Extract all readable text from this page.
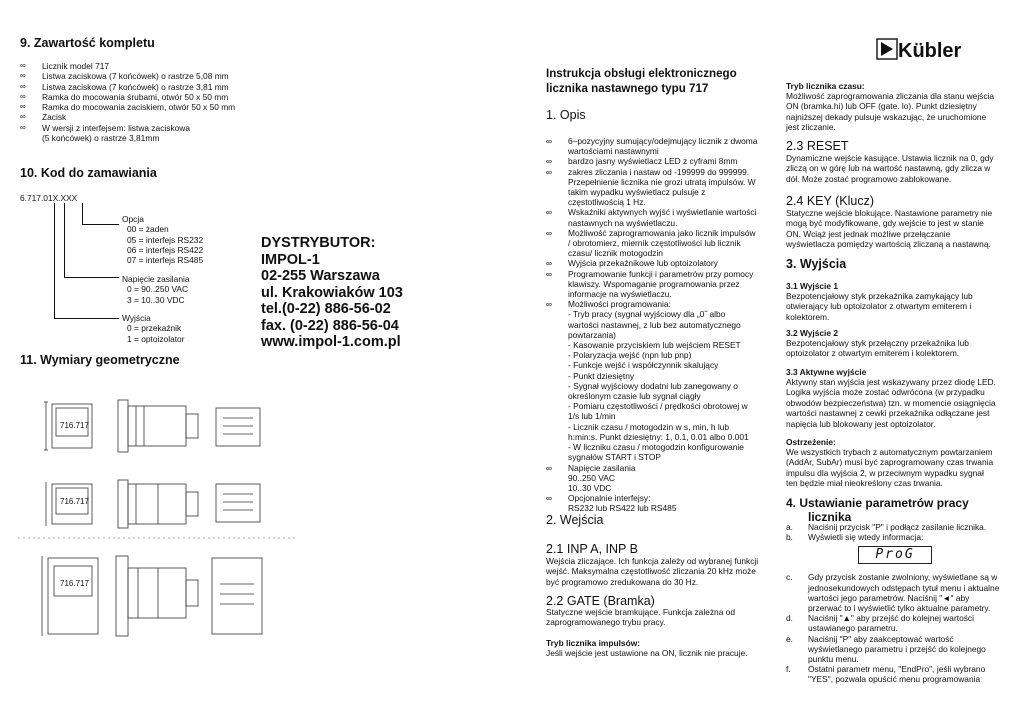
9. Zawartość kompletu
∞ Licznik model 717
∞ Listwa zaciskowa (7 końcówek) o rastrze 5,08 mm
∞ Listwa zaciskowa (7 końcówek) o rastrze 3,81 mm
∞ Ramka do mocowania śrubami, otwór 50 x 50 mm
∞ Ramka do mocowania zaciskiem, otwór 50 x 50 mm
∞ Zacisk
∞ W wersji z interfejsem: listwa zaciskowa
(5 końcówek) o rastrze 3,81mm
10. Kod do zamawiania
6.717.01X.XXX
Opcja
00 = żaden
05 = interfejs RS232
06 = interfejs RS422
07 = interfejs RS485
Napięcie zasilania
0 = 90..250 VAC
3 = 10..30 VDC
Wyjścia
0 = przekaźnik
1 = optoizolator
11. Wymiary geometryczne
DYSTRYBUTOR:
IMPOL-1
02-255 Warszawa
ul. Krakowiaków 103
tel.(0-22) 886-56-02
fax. (0-22) 886-56-04
www.impol-1.com.pl
716.717
716.717
716.717
Instrukcja obsługi elektronicznego
licznika nastawnego typu 717
1. Opis
∞ 6–pozycyjny sumujący/odejmujący licznik z dwoma
wartościami nastawnymi
∞ bardzo jasny wyświetlacz LED z cyframi 8mm
∞ zakres zliczania i nastaw od -199999 do 999999.
Przepełnienie licznika nie grozi utratą impulsów. W
takim wypadku wyświetlacz pulsuje z
częstotliwością 1 Hz.
∞ Wskaźniki aktywnych wyjść i wyświetlanie wartości
nastawnych na wyświetlaczu.
∞ Możliwość zaprogramowania jako licznik impulsów
/ obrotomierz, miernik częstotliwości lub licznik
czasu/ licznik motogodzin
∞ Wyjścia przekaźnikowe lub optoizolatory
∞ Programowanie funkcji i parametrów przy pomocy
klawiszy. Wspomaganie programowania przez
informacje na wyświetlaczu.
∞ Możliwości programowania:
- Tryb pracy (sygnał wyjściowy dla „0˝ albo
wartości nastawnej, z lub bez automatycznego
powtarzania)
- Kasowanie przyciskiem lub wejściem RESET
- Polaryzacja wejść (npn lub pnp)
- Funkcje wejść i współczynnik skalujący
- Punkt dziesiętny
- Sygnał wyjściowy dodatni lub zanegowany o
określonym czasie lub sygnał ciągły
- Pomiaru częstotliwości / prędkości obrotowej w
1/s lub 1/min
- Licznik czasu / motogodzin w s, min, h lub
h:min:s. Punkt dziesiętny: 1, 0.1, 0.01 albo 0.001
- W liczniku czasu / motogodzin konfigurowanie
sygnałów START i STOP
∞ Napięcie zasilania
90..250 VAC
10..30 VDC
∞ Opcjonalnie interfejsy:
RS232 lub RS422 lub RS485
2. Wejścia
2.1 INP A, INP B
Wejścia zliczające. Ich funkcja zależy od wybranej funkcji
wejść. Maksymalna częstotliwość zliczania 20 kHz może
być programowo zredukowana do 30 Hz.
2.2 GATE (Bramka)
Statyczne wejście bramkujące. Funkcja zależna od
zaprogramowanego trybu pracy.
Tryb licznika impulsów:
Jeśli wejście jest ustawione na ON, licznik nie pracuje.
Kübler
Tryb licznika czasu:
Możliwość zaprogramowania zliczania dla stanu wejścia
ON (bramka.hi) lub OFF (gate. lo). Punkt dziesiętny
najniższej dekady pulsuje wskazując, że uruchomione
jest zliczanie.
2.3 RESET
Dynamiczne wejście kasujące. Ustawia licznik na 0, gdy
zliczą on w górę lub na wartość nastawną, gdy zlicza w
dół. Może zostać programowo zablokowane.
2.4 KEY (Klucz)
Statyczne wejście blokujące. Nastawione parametry nie
mogą być modyfikowane, gdy wejście to jest w stanie
ON. Wciąż jest jednak możliwe przełączanie
wyświetlacza pomiędzy wartością zliczaną a nastawną.
3. Wyjścia
3.1 Wyjście 1
Bezpotencjałowy styk przekaźnika zamykający lub
otwierający lub optoizolator z otwartym emiterem i
kolektorem.
3.2 Wyjście 2
Bezpotencjałowy styk przełączny przekaźnika lub
optoizolator z otwartym emiterem i kolektorem.
3.3 Aktywne wyjście
Aktywny stan wyjścia jest wskazywany przez diodę LED.
Logika wyjścia może zostać odwrócona (w przypadku
obwodów bezpieczeństwa) tzn. w momencie osiągnięcia
wartości nastawnej z cewki przekaźnika odłączane jest
napięcia lub blokowany jest optoizolator.
Ostrzeżenie:
We wszystkich trybach z automatycznym powtarzaniem
(AddAr, SubAr) musi być zaprogramowany czas trwania
impulsu dla wyjścia 2, w przeciwnym wypadku sygnał
ten będzie miał nieokreślony czas trwania.
4. Ustawianie parametrów pracy
licznika
a. Naciśnij przycisk "P" i podłącz zasilanie licznika.
b. Wyświetli się wtedy informacja:
ProG
c. Gdy przycisk zostanie zwolniony, wyświetlane są w
jednosekundowych odstępach tytuł menu i aktualne
wartości jego parametrów. Naciśnij "◄" aby
przerwać to i wyświetlić tylko aktualne parametry.
d. Naciśnij "▲" aby przejść do kolejnej wartości
ustawianego parametru.
e. Naciśnij "P" aby zaakceptować wartość
wyświetlanego parametru i przejść do kolejnego
punktu menu.
f. Ostatni parametr menu, "EndPro", jeśli wybrano
"YES", pozwala opuścić menu programowania
